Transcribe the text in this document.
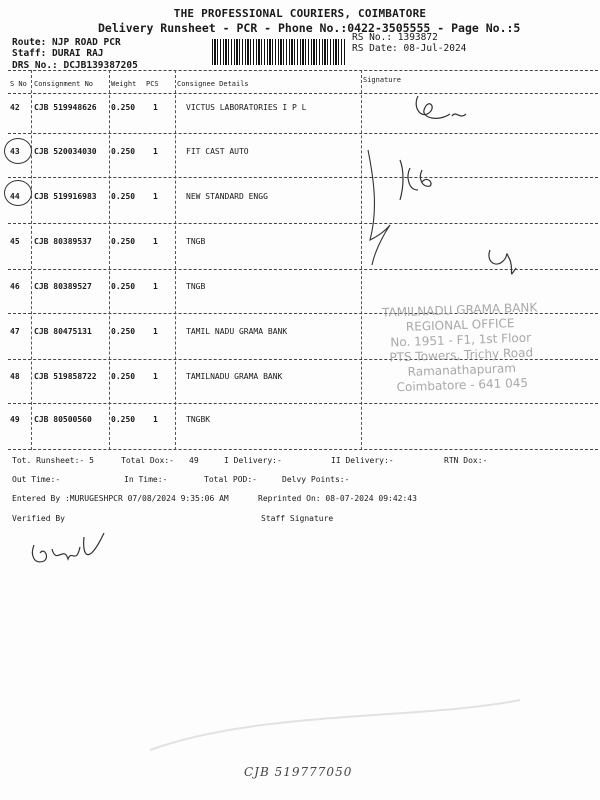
THE PROFESSIONAL COURIERS, COIMBATORE
Delivery Runsheet - PCR - Phone No.:0422-3505555 - Page No.:5
Route: NJP ROAD PCR
Staff: DURAI RAJ
DRS No.: DCJB139387205
RS No.: 1393872
RS Date: 08-Jul-2024
S No Consignment No	Weight PCS	Consignee Details	Signature
42 CJB 519948626 0.250 1	VICTUS LABORATORIES I P L
43 CJB 520034030 0.250 1	FIT CAST AUTO
44 CJB 519916983 0.250 1	NEW STANDARD ENGG
45 CJB 80389537 0.250 1	TNGB
46 CJB 80389527 0.250 1	TNGB
47 CJB 80475131 0.250 1	TAMIL NADU GRAMA BANK
48 CJB 519858722 0.250 1	TAMILNADU GRAMA BANK
49 CJB 80500560 0.250 1	TNGBK
TAMILNADU GRAMA BANK
REGIONAL OFFICE
No. 1951 - F1, 1st Floor
PTS Towers, Trichy Road
Ramanathapuram
Coimbatore - 641 045
Tot. Runsheet:- 5	Total Dox:- 49	I Delivery:-	II Delivery:-	RTN Dox:-
Out Time:-	In Time:-	Total POD:-	Delvy Points:-
Entered By :MURUGESHPCR 07/08/2024 9:35:06 AM	Reprinted On: 08-07-2024 09:42:43
Verified By	Staff Signature
CJB 519777050
